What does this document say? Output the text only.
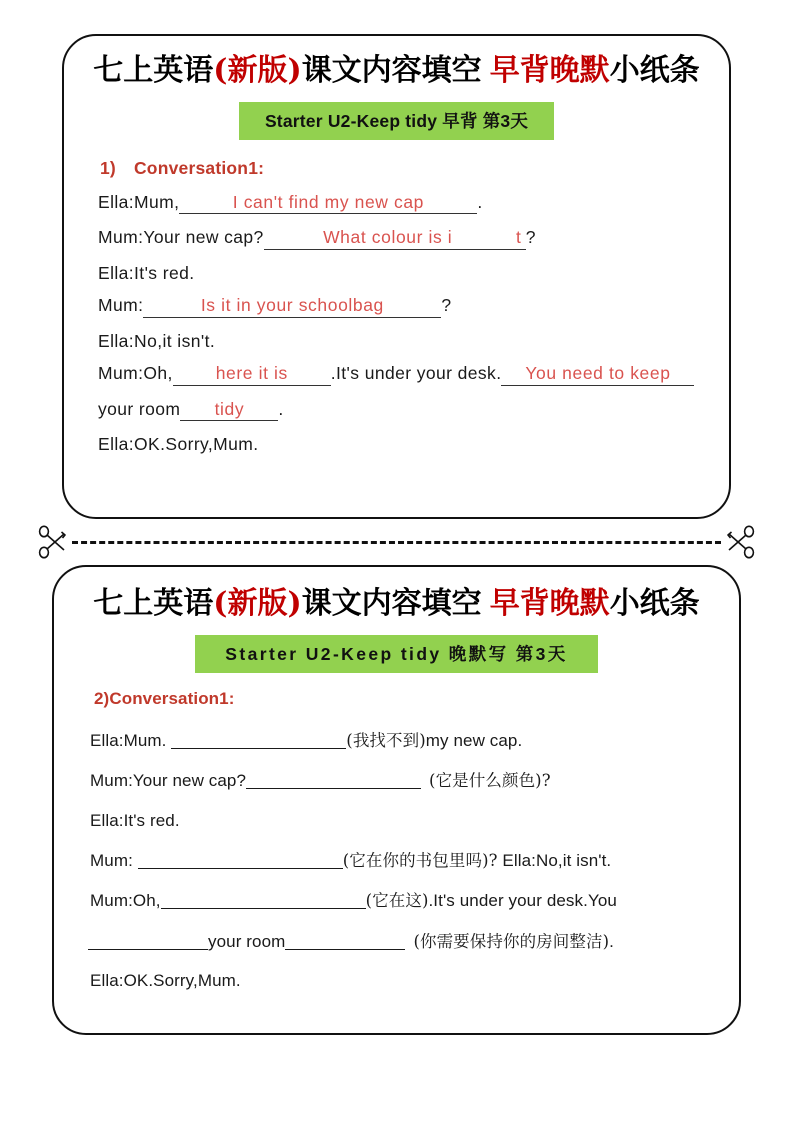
七上英语(新版)课文内容填空 早背晚默小纸条
Starter U2-Keep tidy 早背 第3天
1) Conversation1:
Ella:Mum,	I can't find my new cap	.
Mum:Your new cap?	What colour is i	t ?
Ella:It's red.
Mum:	Is it in your schoolbag	?
Ella:No,it isn't.
Mum:Oh, here it is .It's under your desk. You need to keep
your room tidy .
Ella:OK.Sorry,Mum.
七上英语(新版)课文内容填空 早背晚默小纸条
Starter U2-Keep tidy 晚默写 第3天
2)Conversation1:
Ella:Mum.	(我找不到)my new cap.
Mum:Your new cap?	(它是什么颜色)?
Ella:It's red.
Mum:	(它在你的书包里吗)? Ella:No,it isn't.
Mum:Oh,	(它在这).It's under your desk.You
your room	(你需要保持你的房间整洁).
Ella:OK.Sorry,Mum.
